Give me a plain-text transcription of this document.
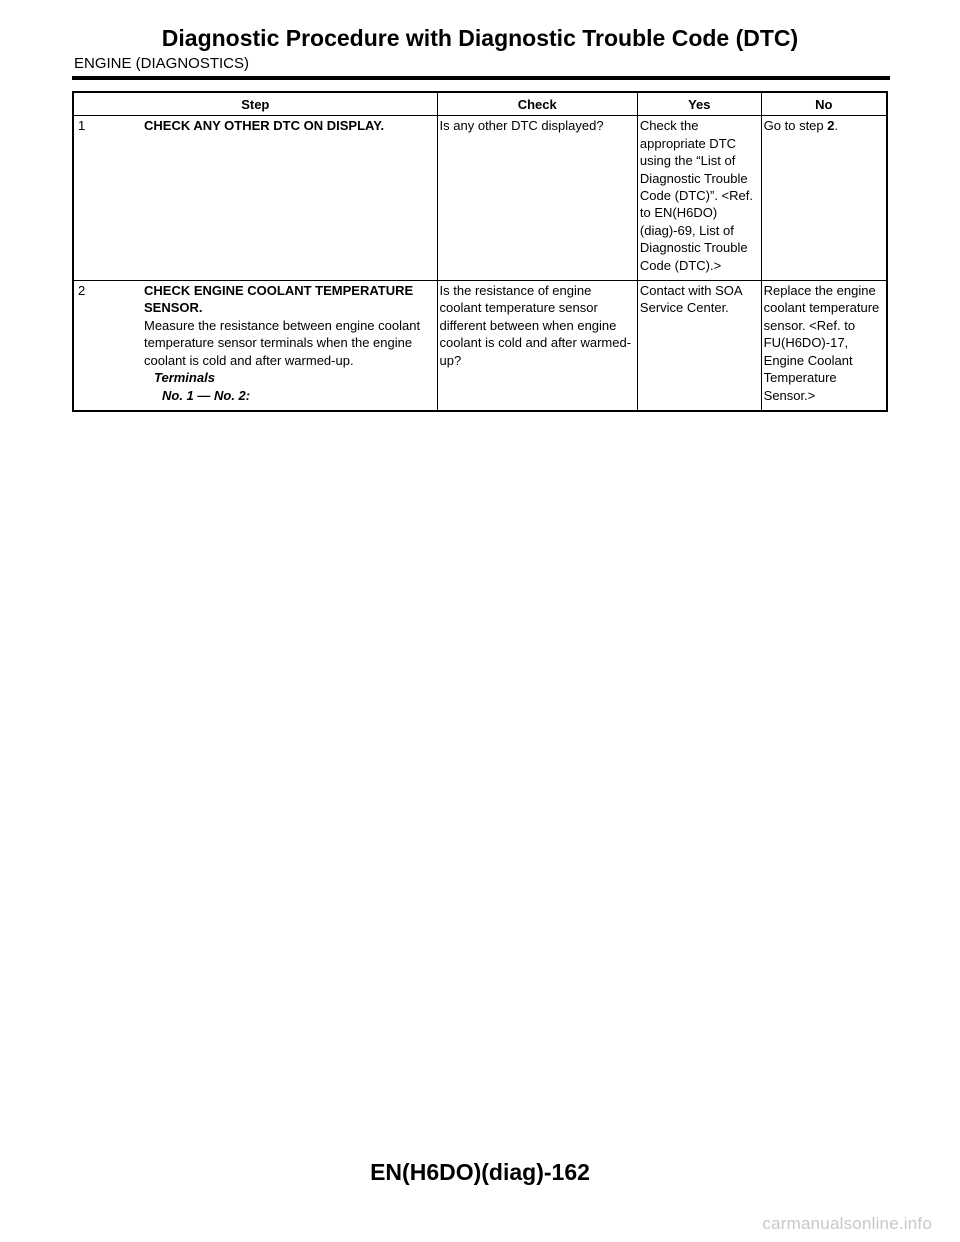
Diagnostic Procedure with Diagnostic Trouble Code (DTC)
ENGINE (DIAGNOSTICS)
Step	Check	Yes	No

1 CHECK ANY OTHER DTC ON DISPLAY.	Is any other DTC displayed?	Check the appropriate DTC using the “List of Diagnostic Trouble Code (DTC)”. <Ref. to EN(H6DO)(diag)-69, List of Diagnostic Trouble Code (DTC).>	Go to step 2.

2 CHECK ENGINE COOLANT TEMPERATURE SENSOR.
Measure the resistance between engine coolant temperature sensor terminals when the engine coolant is cold and after warmed-up.
Terminals
No. 1 — No. 2:	Is the resistance of engine coolant temperature sensor different between when engine coolant is cold and after warmed-up?	Contact with SOA Service Center.	Replace the engine coolant temperature sensor. <Ref. to FU(H6DO)-17, Engine Coolant Temperature Sensor.>
EN(H6DO)(diag)-162
carmanualsonline.info
